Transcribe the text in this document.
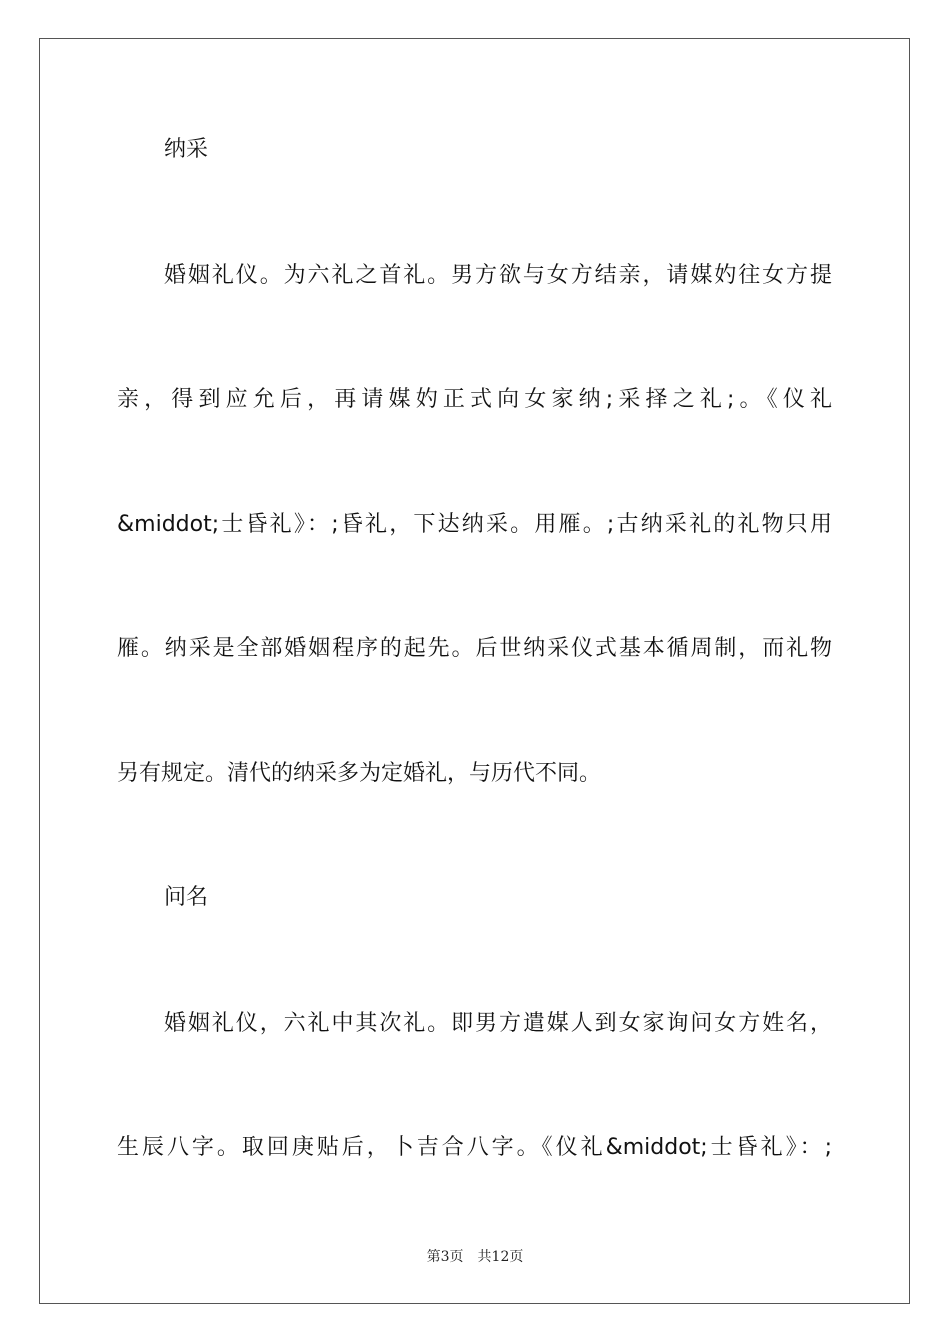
纳采
婚姻礼仪。为六礼之首礼。男方欲与女方结亲，请媒妁往女方提
亲，得到应允后，再请媒妁正式向女家纳;采择之礼;。《仪礼
&middot;士昏礼》：;昏礼，下达纳采。用雁。;古纳采礼的礼物只用
雁。纳采是全部婚姻程序的起先。后世纳采仪式基本循周制，而礼物
另有规定。清代的纳采多为定婚礼，与历代不同。
问名
婚姻礼仪，六礼中其次礼。即男方遣媒人到女家询问女方姓名，
生辰八字。取回庚贴后，卜吉合八字。《仪礼&middot;士昏礼》：;
第3页 共12页
